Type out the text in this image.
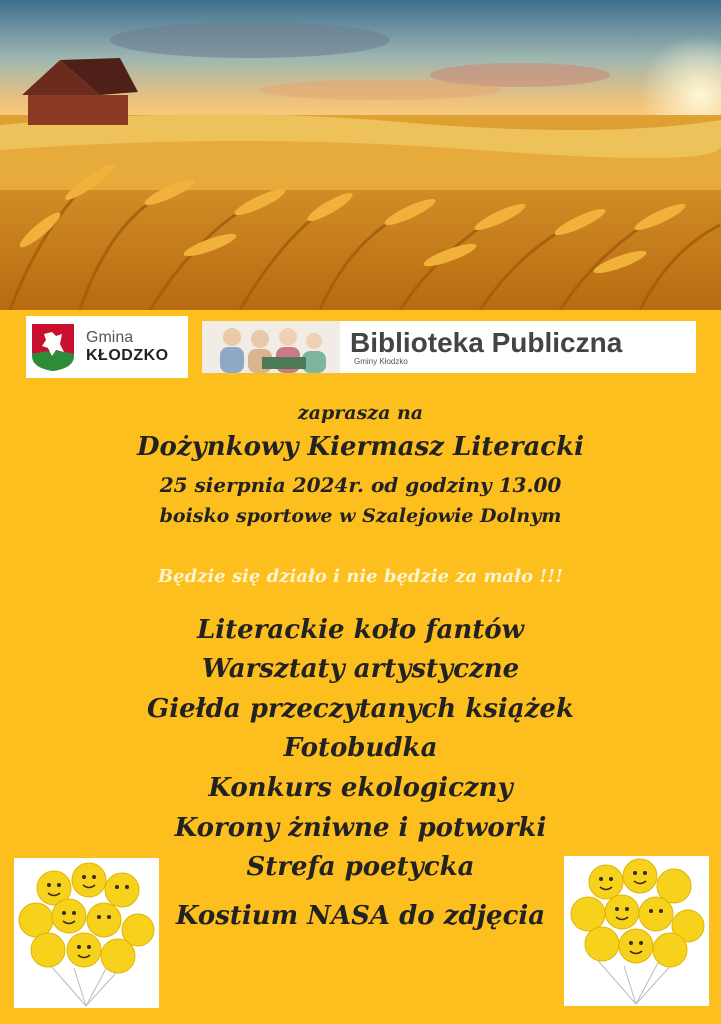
Gmina
KŁODZKO	Biblioteka Publiczna
Gminy Kłodzko
zaprasza na
Dożynkowy Kiermasz Literacki
25 sierpnia 2024r. od godziny 13.00
boisko sportowe w Szalejowie Dolnym
Będzie się działo i nie będzie za mało !!!
Literackie koło fantów
Warsztaty artystyczne
Giełda przeczytanych książek
Fotobudka
Konkurs ekologiczny
Korony żniwne i potworki
Strefa poetycka
Kostium NASA do zdjęcia
